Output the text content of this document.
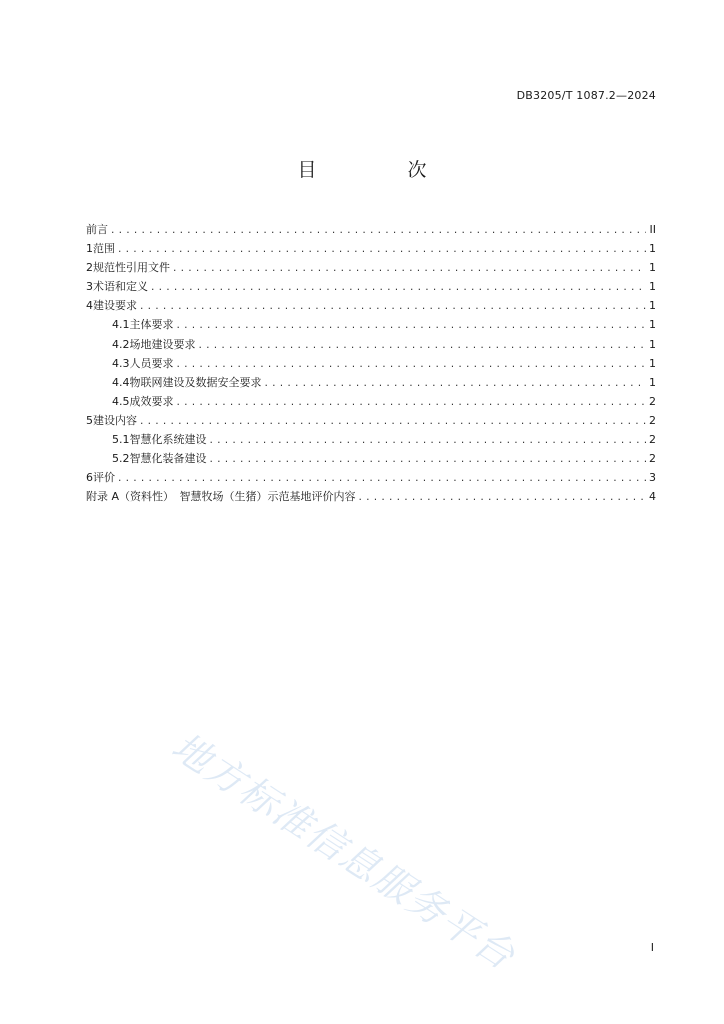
DB3205/T 1087.2—2024
目　次
前言 .....	II
1 范围 .....	1
2 规范性引用文件 .....	1
3 术语和定义 .....	1
4 建设要求 .....	1
4.1 主体要求 .....	1
4.2 场地建设要求 .....	1
4.3 人员要求 .....	1
4.4 物联网建设及数据安全要求 .....	1
4.5 成效要求 .....	2
5 建设内容 .....	2
5.1 智慧化系统建设 .....	2
5.2 智慧化装备建设 .....	2
6 评价 .....	3
附录 A（资料性）　智慧牧场（生猪）示范基地评价内容 .....	4
地方标准信息服务平台	I
